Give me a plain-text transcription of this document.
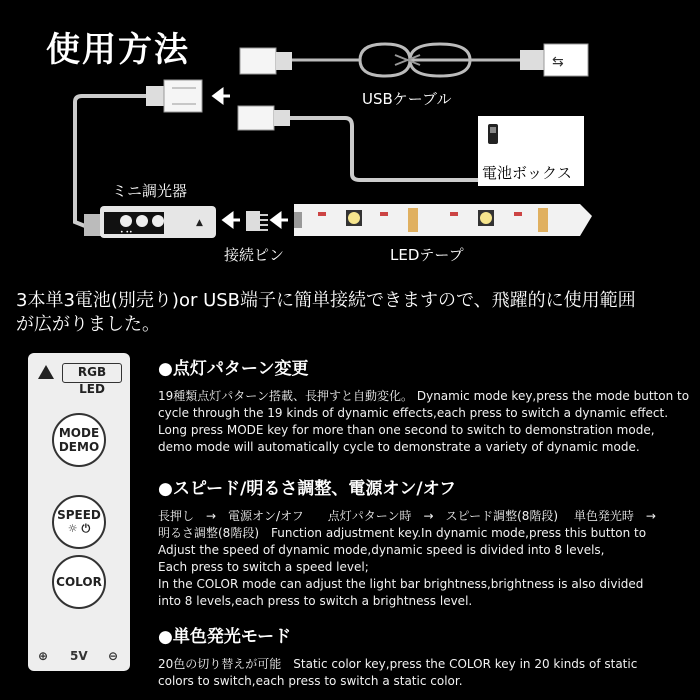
使用方法	⇆
• ••
▲
電池ボックス
USBケーブル
ミニ調光器
接続ピン	LEDテープ
3本単3電池(別売り)or USB端子に簡単接続できますので、飛躍的に使用範囲
が広がりました。
RGB LED
MODE
DEMO
SPEED
☼ ⏻
COLOR
⊕ 5V ⊖
●点灯パターン変更
19種類点灯パターン搭載、長押すと自動変化。 Dynamic mode key,press the mode button to
cycle through the 19 kinds of dynamic effects,each press to switch a dynamic effect.
Long press MODE key for more than one second to switch to demonstration mode,
demo mode will automatically cycle to demonstrate a variety of dynamic mode.
●スピード/明るさ調整、電源オン/オフ
長押し　→　電源オン/オフ　　点灯パターン時　→　スピード調整(8階段)　 単色発光時　→
明るさ調整(8階段)　Function adjustment key.In dynamic mode,press this button to
Adjust the speed of dynamic mode,dynamic speed is divided into 8 levels,
Each press to switch a speed level;
In the COLOR mode can adjust the light bar brightness,brightness is also divided
into 8 levels,each press to switch a brightness level.
●単色発光モード
20色の切り替えが可能　Static color key,press the COLOR key in 20 kinds of static
colors to switch,each press to switch a static color.
